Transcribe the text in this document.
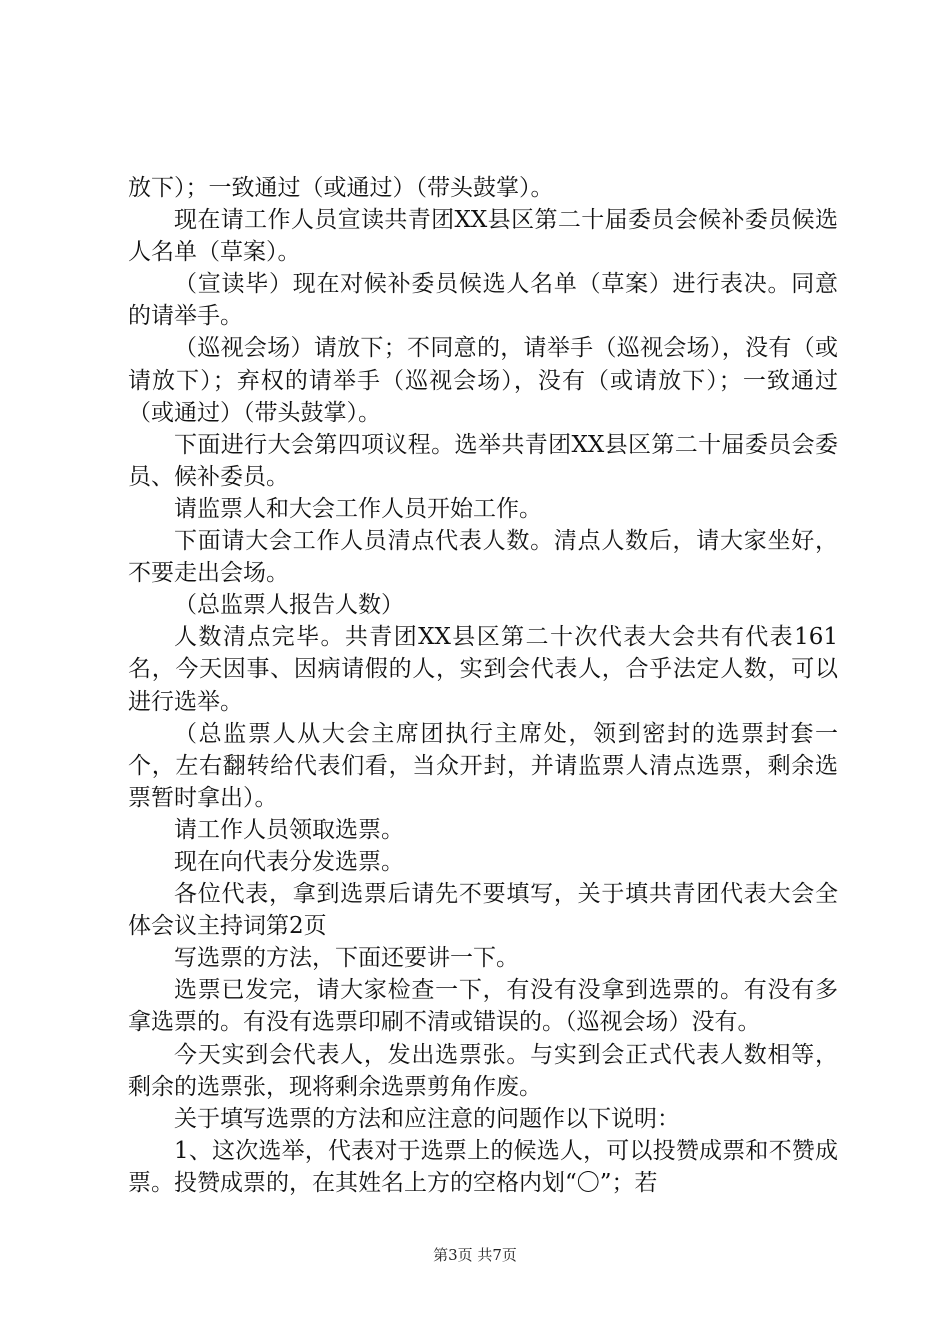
放下）；一致通过（或通过）（带头鼓掌）。

现在请工作人员宣读共青团XX县区第二十届委员会候补委员候选人名单（草案）。

（宣读毕）现在对候补委员候选人名单（草案）进行表决。同意的请举手。

（巡视会场）请放下；不同意的，请举手（巡视会场），没有（或请放下）；弃权的请举手（巡视会场），没有（或请放下）；一致通过（或通过）（带头鼓掌）。

下面进行大会第四项议程。选举共青团XX县区第二十届委员会委员、候补委员。

请监票人和大会工作人员开始工作。

下面请大会工作人员清点代表人数。清点人数后，请大家坐好，不要走出会场。

（总监票人报告人数）

人数清点完毕。共青团XX县区第二十次代表大会共有代表161名，今天因事、因病请假的人，实到会代表人，合乎法定人数，可以进行选举。

（总监票人从大会主席团执行主席处，领到密封的选票封套一个，左右翻转给代表们看，当众开封，并请监票人清点选票，剩余选票暂时拿出）。

请工作人员领取选票。

现在向代表分发选票。

各位代表，拿到选票后请先不要填写，关于填共青团代表大会全体会议主持词第2页

写选票的方法，下面还要讲一下。

选票已发完，请大家检查一下，有没有没拿到选票的。有没有多拿选票的。有没有选票印刷不清或错误的。（巡视会场）没有。

今天实到会代表人，发出选票张。与实到会正式代表人数相等，剩余的选票张，现将剩余选票剪角作废。

关于填写选票的方法和应注意的问题作以下说明：

1、这次选举，代表对于选票上的候选人，可以投赞成票和不赞成票。投赞成票的，在其姓名上方的空格内划“〇”；若

第3页 共7页
